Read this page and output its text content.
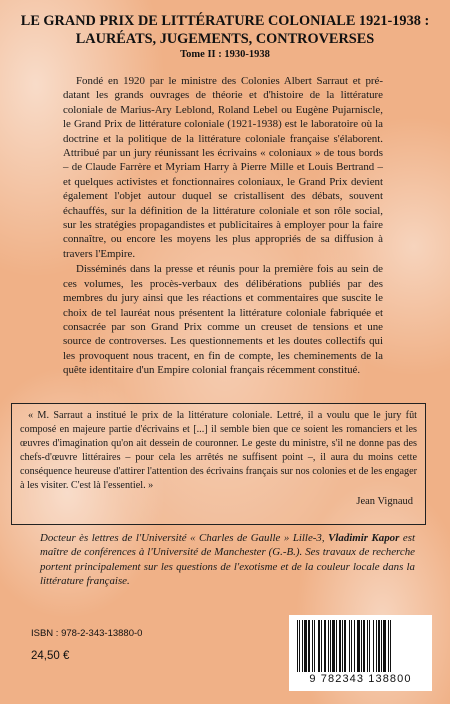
LE GRAND PRIX DE LITTÉRATURE COLONIALE 1921-1938 :
LAURÉATS, JUGEMENTS, CONTROVERSES
Tome II : 1930-1938

Fondé en 1920 par le ministre des Colonies Albert Sarraut et pré-datant les grands ouvrages de théorie et d'histoire de la littérature coloniale de Marius-Ary Leblond, Roland Lebel ou Eugène Pujarniscle, le Grand Prix de littérature coloniale (1921-1938) est le laboratoire où la doctrine et la politique de la littérature coloniale française s'élaborent. Attribué par un jury réunissant les écrivains « coloniaux » de tous bords – de Claude Farrère et Myriam Harry à Pierre Mille et Louis Bertrand – et quelques activistes et fonctionnaires coloniaux, le Grand Prix devient également l'objet autour duquel se cristallisent des débats, souvent échauffés, sur la définition de la littérature coloniale et son rôle social, sur les stratégies propagandistes et publicitaires à employer pour la faire connaître, ou encore les moyens les plus appropriés de sa diffusion à travers l'Empire.

Disséminés dans la presse et réunis pour la première fois au sein de ces volumes, les procès-verbaux des délibérations publiés par des membres du jury ainsi que les réactions et commentaires que suscite le choix de tel lauréat nous présentent la littérature coloniale fabriquée et consacrée par son Grand Prix comme un creuset de tensions et une source de controverses. Les questionnements et les doutes collectifs qui les provoquent nous tracent, en fin de compte, les cheminements de la quête identitaire d'un Empire colonial français récemment constitué.

« M. Sarraut a institué le prix de la littérature coloniale. Lettré, il a voulu que le jury fût composé en majeure partie d'écrivains et [...] il semble bien que ce soient les romanciers et les œuvres d'imagination qu'on ait dessein de couronner. Le geste du ministre, s'il ne donne pas des chefs-d'œuvre littéraires – pour cela les arrêtés ne suffisent point –, il aura du moins cette conséquence heureuse d'attirer l'attention des écrivains français sur nos colonies et de les engager à les visiter. C'est là l'essentiel. »

Jean Vignaud
Docteur ès lettres de l'Université « Charles de Gaulle » Lille-3, Vladimir Kapor est maître de conférences à l'Université de Manchester (G.-B.). Ses travaux de recherche portent principalement sur les questions de l'exotisme et de la couleur locale dans la littérature française.
ISBN : 978-2-343-13880-0
24,50 €
9 782343 138800
